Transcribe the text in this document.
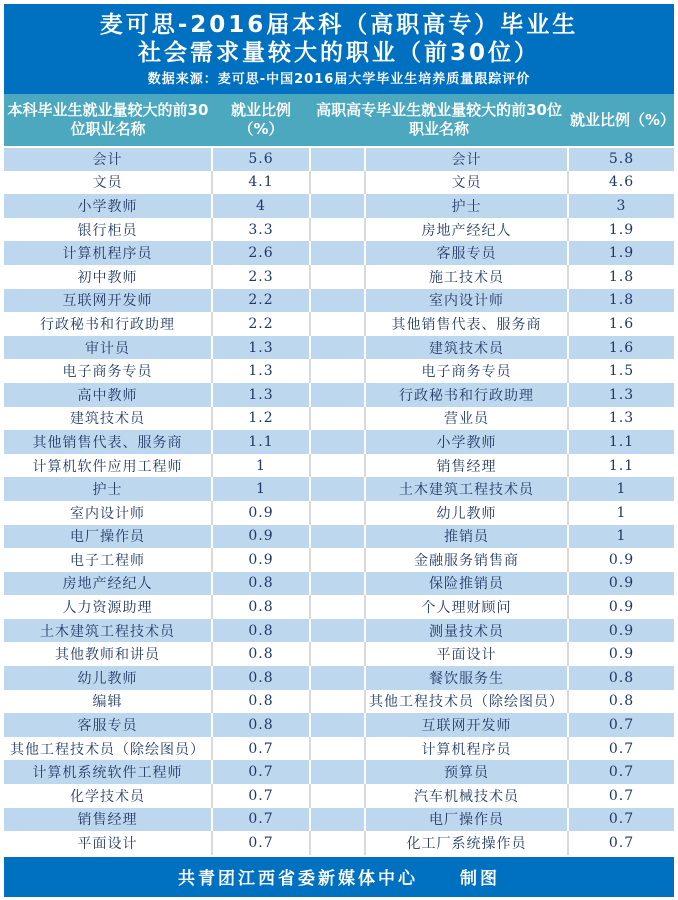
麦可思-2016届本科（高职高专）毕业生
社会需求量较大的职业（前30位）
数据来源：麦可思-中国2016届大学毕业生培养质量跟踪评价
本科毕业生就业量较大的前30位职业名称	就业比例（%）	高职高专毕业生就业量较大的前30位职业名称		就业比例（%）
会计	5.6		会计	5.8
文员	4.1		文员	4.6
小学教师	4		护士	3
银行柜员	3.3		房地产经纪人	1.9
计算机程序员	2.6		客服专员	1.9
初中教师	2.3		施工技术员	1.8
互联网开发师	2.2		室内设计师	1.8
行政秘书和行政助理	2.2		其他销售代表、服务商	1.6
审计员	1.3		建筑技术员	1.6
电子商务专员	1.3		电子商务专员	1.5
高中教师	1.3		行政秘书和行政助理	1.3
建筑技术员	1.2		营业员	1.3
其他销售代表、服务商	1.1		小学教师	1.1
计算机软件应用工程师	1		销售经理	1.1
护士	1		土木建筑工程技术员	1
室内设计师	0.9		幼儿教师	1
电厂操作员	0.9		推销员	1
电子工程师	0.9		金融服务销售商	0.9
房地产经纪人	0.8		保险推销员	0.9
人力资源助理	0.8		个人理财顾问	0.9
土木建筑工程技术员	0.8		测量技术员	0.9
其他教师和讲员	0.8		平面设计	0.9
幼儿教师	0.8		餐饮服务生	0.8
编辑	0.8		其他工程技术员（除绘图员）	0.8
客服专员	0.8		互联网开发师	0.7
其他工程技术员（除绘图员）	0.7		计算机程序员	0.7
计算机系统软件工程师	0.7		预算员	0.7
化学技术员	0.7		汽车机械技术员	0.7
销售经理	0.7		电厂操作员	0.7
平面设计	0.7		化工厂系统操作员	0.7
共青团江西省委新媒体中心 制图
